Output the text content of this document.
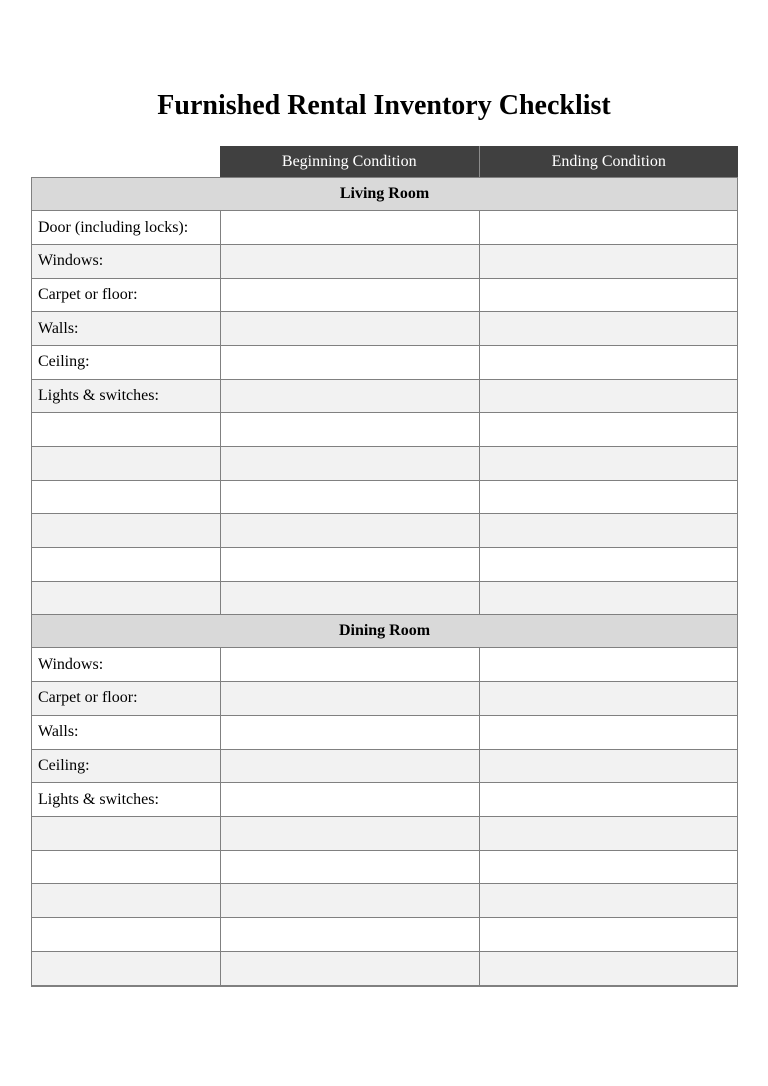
Furnished Rental Inventory Checklist
Beginning Condition	Ending Condition
Living Room
Door (including locks):
Windows:
Carpet or floor:
Walls:
Ceiling:
Lights & switches:
Dining Room
Windows:
Carpet or floor:
Walls:
Ceiling:
Lights & switches:
